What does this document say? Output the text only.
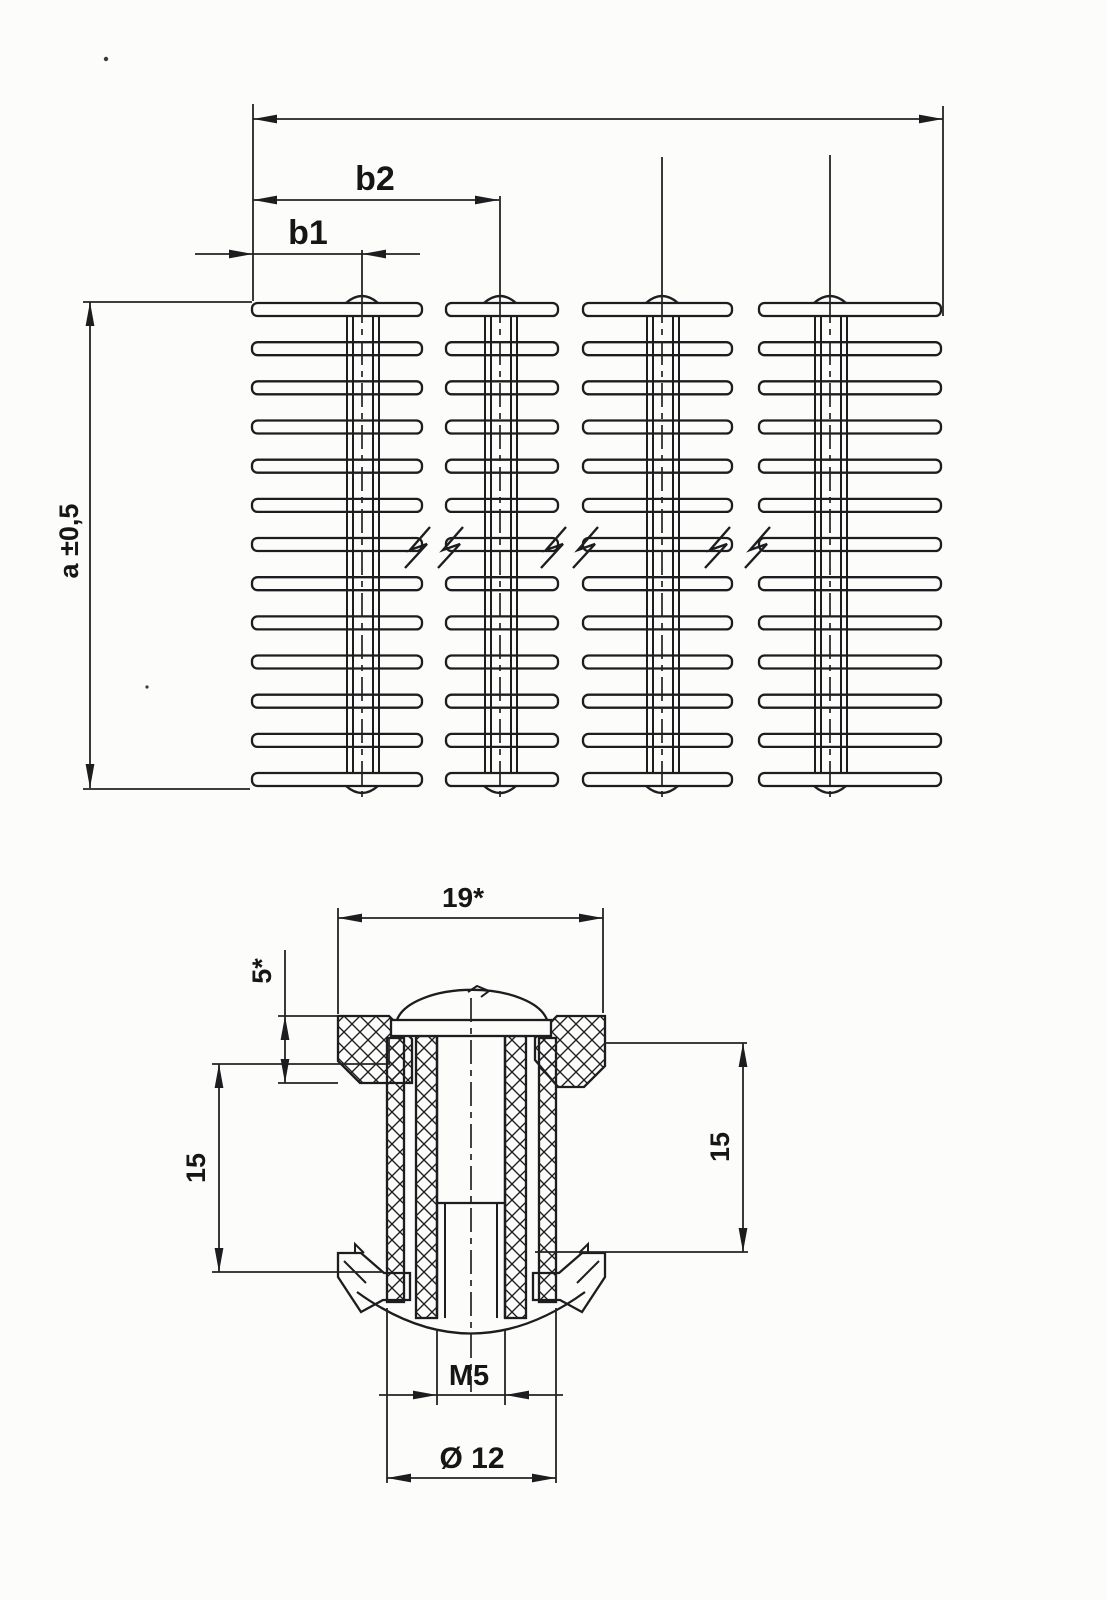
b2
b1
a ±0,5
19*
5*
15
15
M5
Ø 12
